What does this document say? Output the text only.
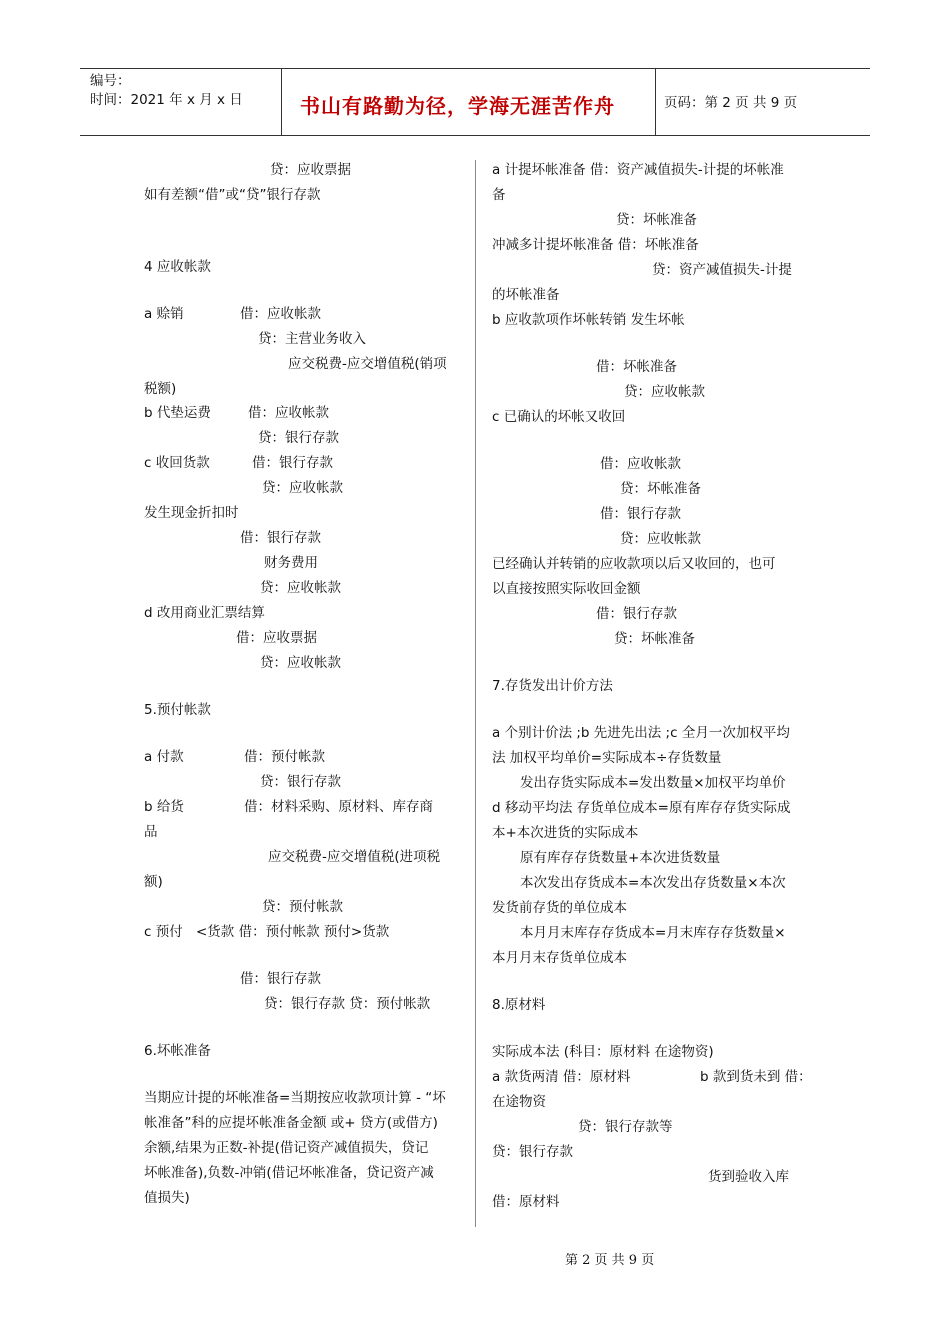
编号：
时间：2021 年 x 月 x 日	书山有路勤为径，学海无涯苦作舟	页码：第 2 页 共 9 页
贷：应收票据
如有差额“借”或“贷”银行存款
4 应收帐款
a 赊销	借：应收帐款
贷：主营业务收入
应交税费-应交增值税(销项
税额)
b 代垫运费	借：应收帐款
贷：银行存款
c 收回货款	借：银行存款
贷：应收帐款
发生现金折扣时
借：银行存款
财务费用
贷：应收帐款
d 改用商业汇票结算
借：应收票据
贷：应收帐款
5.预付帐款
a 付款	借：预付帐款
贷：银行存款
b 给货	借：材料采购、原材料、库存商
品
应交税费-应交增值税(进项税
额)
贷：预付帐款
c 预付 <货款 借：预付帐款 预付>货款
借：银行存款
贷：银行存款 贷：预付帐款
6.坏帐准备
当期应计提的坏帐准备=当期按应收款项计算 - “坏
帐准备”科的应提坏帐准备金额 或+ 贷方(或借方)
余额,结果为正数-补提(借记资产减值损失，贷记
坏帐准备),负数-冲销(借记坏帐准备，贷记资产减
值损失)
a 计提坏帐准备 借：资产减值损失-计提的坏帐准
备
贷：坏帐准备
冲减多计提坏帐准备 借：坏帐准备
贷：资产减值损失-计提
的坏帐准备
b 应收款项作坏帐转销 发生坏帐
借：坏帐准备
贷：应收帐款
c 已确认的坏帐又收回
借：应收帐款
贷：坏帐准备
借：银行存款
贷：应收帐款
已经确认并转销的应收款项以后又收回的，也可
以直接按照实际收回金额
借：银行存款
贷：坏帐准备
7.存货发出计价方法
a 个别计价法 ;b 先进先出法 ;c 全月一次加权平均
法 加权平均单价=实际成本÷存货数量
发出存货实际成本=发出数量×加权平均单价
d 移动平均法 存货单位成本=原有库存存货实际成
本+本次进货的实际成本
原有库存存货数量+本次进货数量
本次发出存货成本=本次发出存货数量×本次
发货前存货的单位成本
本月月末库存存货成本=月末库存存货数量×
本月月末存货单位成本
8.原材料
实际成本法 (科目：原材料 在途物资)
a 款货两清 借：原材料	b 款到货未到 借：
在途物资
贷：银行存款等
贷：银行存款
货到验收入库
借：原材料
第 2 页 共 9 页
